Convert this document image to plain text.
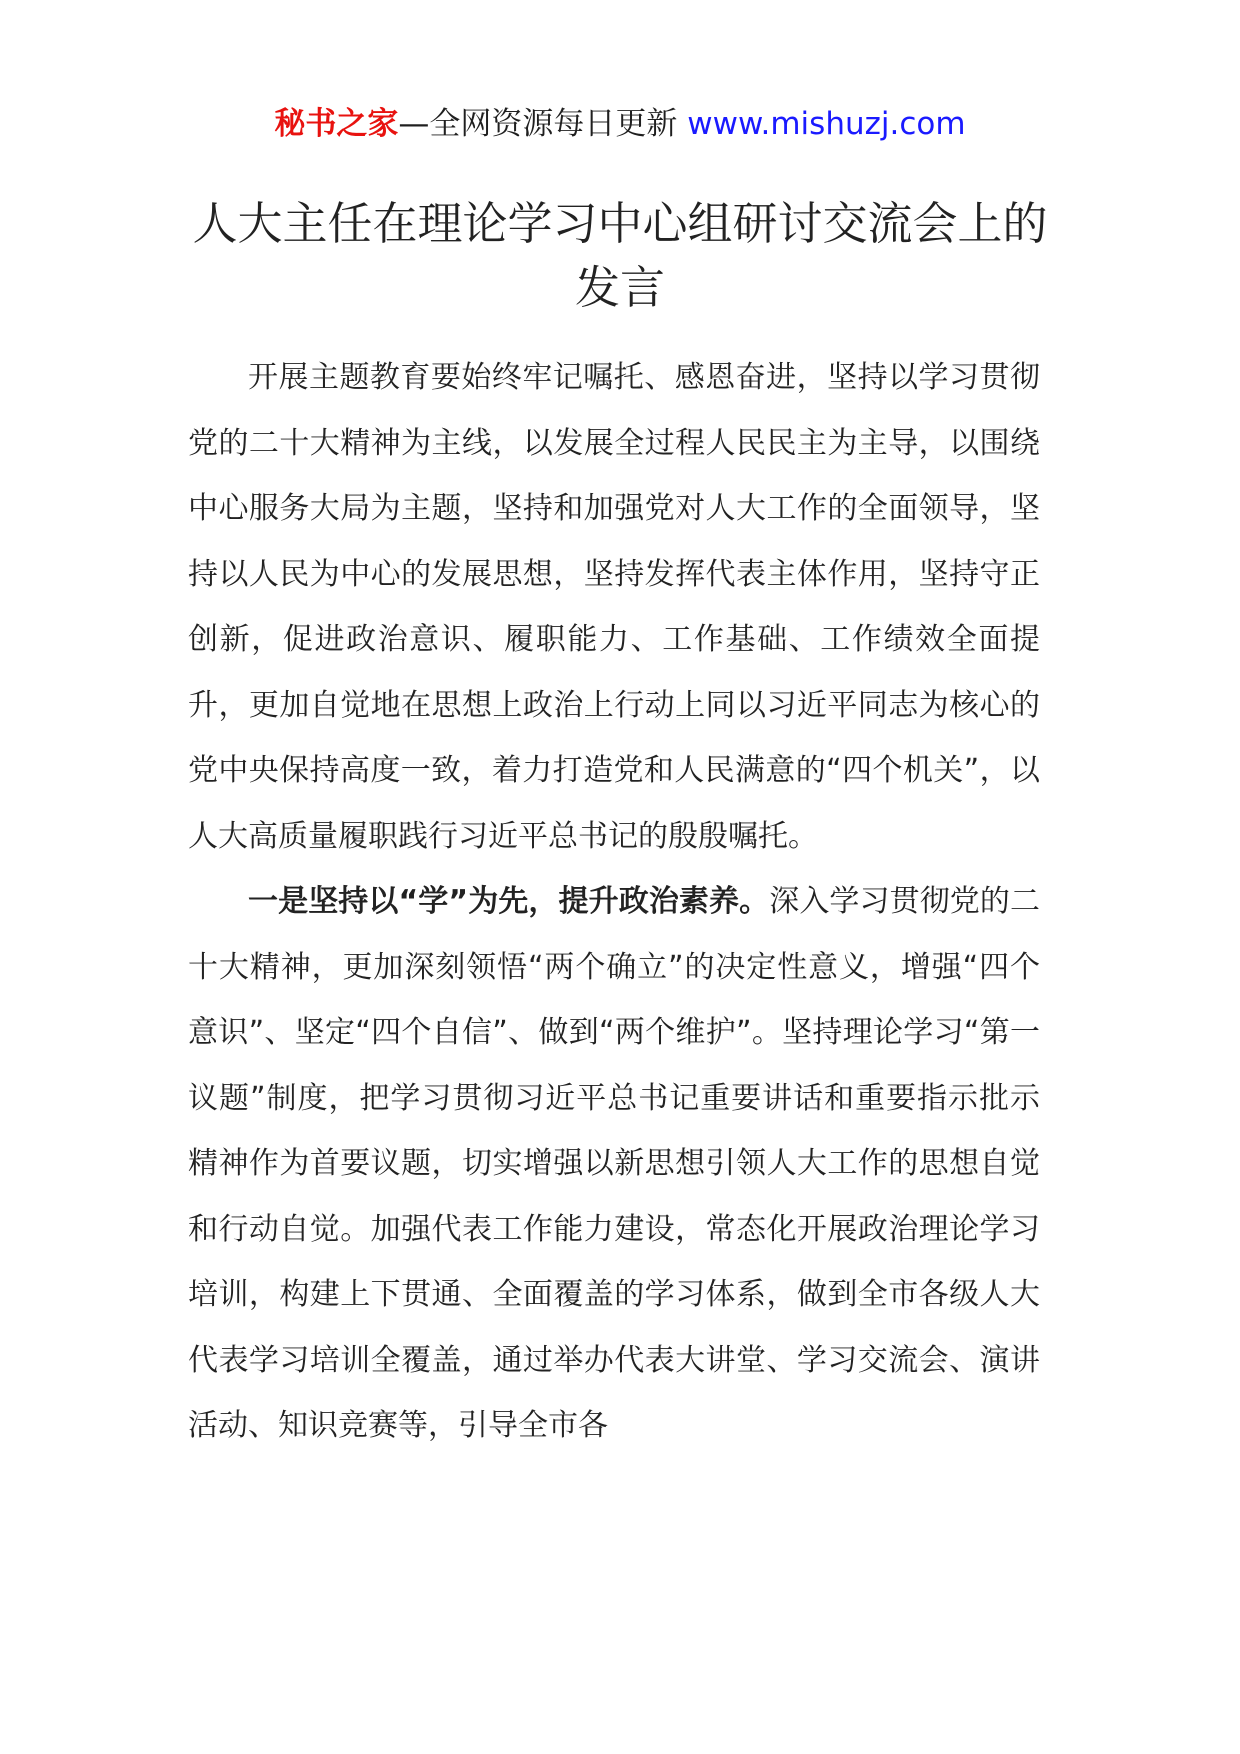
秘书之家—全网资源每日更新 www.mishuzj.com
人大主任在理论学习中心组研讨交流会上的发言

开展主题教育要始终牢记嘱托、感恩奋进，坚持以学习贯彻党的二十大精神为主线，以发展全过程人民民主为主导，以围绕中心服务大局为主题，坚持和加强党对人大工作的全面领导，坚持以人民为中心的发展思想，坚持发挥代表主体作用，坚持守正创新，促进政治意识、履职能力、工作基础、工作绩效全面提升，更加自觉地在思想上政治上行动上同以习近平同志为核心的党中央保持高度一致，着力打造党和人民满意的“四个机关”，以人大高质量履职践行习近平总书记的殷殷嘱托。

一是坚持以“学”为先，提升政治素养。深入学习贯彻党的二十大精神，更加深刻领悟“两个确立”的决定性意义，增强“四个意识”、坚定“四个自信”、做到“两个维护”。坚持理论学习“第一议题”制度，把学习贯彻习近平总书记重要讲话和重要指示批示精神作为首要议题，切实增强以新思想引领人大工作的思想自觉和行动自觉。加强代表工作能力建设，常态化开展政治理论学习培训，构建上下贯通、全面覆盖的学习体系，做到全市各级人大代表学习培训全覆盖，通过举办代表大讲堂、学习交流会、演讲活动、知识竞赛等，引导全市各
